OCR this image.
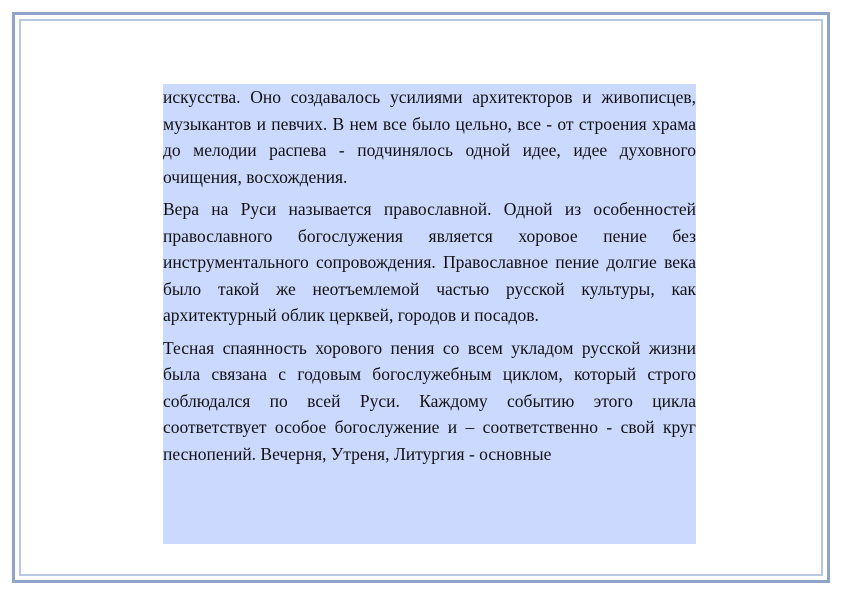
искусства. Оно создавалось усилиями архитекторов и живописцев, музыкантов и певчих. В нем все было цельно, все - от строения храма до мелодии распева - подчинялось одной идее, идее духовного очищения, восхождения.

Вера на Руси называется православной. Одной из особенностей православного богослужения является хоровое пение без инструментального сопровождения. Православное пение долгие века было такой же неотъемлемой частью русской культуры, как архитектурный облик церквей, городов и посадов.

Тесная спаянность хорового пения со всем укладом русской жизни была связана с годовым богослужебным циклом, который строго соблюдался по всей Руси. Каждому событию этого цикла соответствует особое богослужение и – соответственно - свой круг песнопений. Вечерня, Утреня, Литургия - основные
